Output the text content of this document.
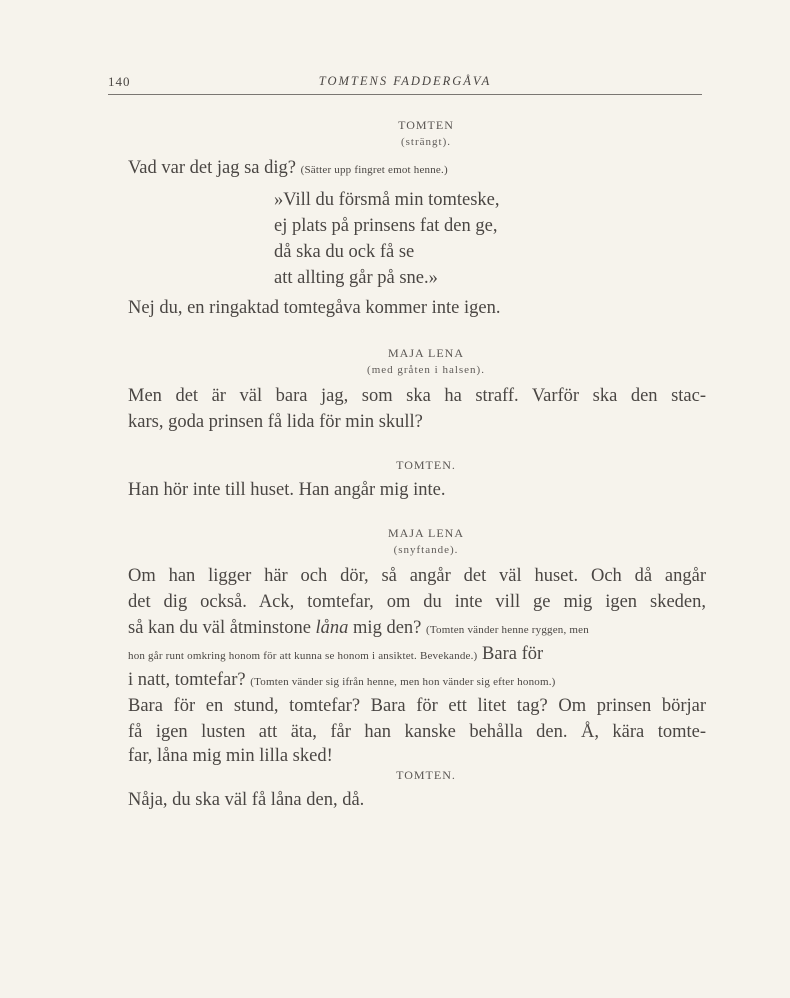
140	TOMTENS FADDERGÅVA
TOMTEN
(strängt).
Vad var det jag sa dig? (Sätter upp fingret emot henne.)
»Vill du försmå min tomteske,
ej plats på prinsens fat den ge,
då ska du ock få se
att allting går på sne.»
Nej du, en ringaktad tomtegåva kommer inte igen.
MAJA LENA
(med gråten i halsen).
Men det är väl bara jag, som ska ha straff. Varför ska den stac-
kars, goda prinsen få lida för min skull?
TOMTEN.
Han hör inte till huset. Han angår mig inte.
MAJA LENA
(snyftande).
Om han ligger här och dör, så angår det väl huset. Och då angår
det dig också. Ack, tomtefar, om du inte vill ge mig igen skeden,
så kan du väl åtminstone låna mig den? (Tomten vänder henne ryggen, men
hon går runt omkring honom för att kunna se honom i ansiktet. Bevekande.) Bara för
i natt, tomtefar? (Tomten vänder sig ifrån henne, men hon vänder sig efter honom.)
Bara för en stund, tomtefar? Bara för ett litet tag? Om prinsen börjar
få igen lusten att äta, får han kanske behålla den. Å, kära tomte-
far, låna mig min lilla sked!
TOMTEN.
Nåja, du ska väl få låna den, då.
